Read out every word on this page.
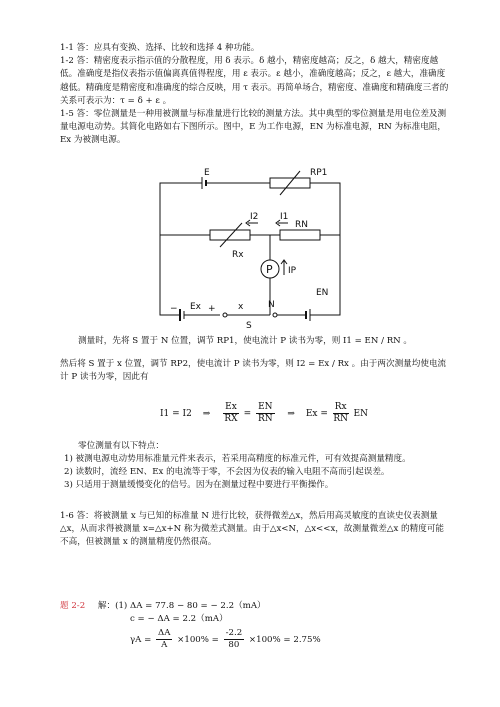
1-1 答：应具有变换、选择、比较和选择 4 种功能。

1-2 答：精密度表示指示值的分散程度，用 δ 表示。δ 越小，精密度越高；反之，δ 越大，精密度越低。准确度是指仪表指示值偏离真值得程度，用 ε 表示。ε 越小，准确度越高；反之，ε 越大，准确度越低。精确度是精密度和准确度的综合反映，用 τ 表示。再简单场合，精密度、准确度和精确度三者的关系可表示为：τ = δ + ε 。

1-5 答：零位测量是一种用被测量与标准量进行比较的测量方法。其中典型的零位测量是用电位差及测量电源电动势。其简化电路如右下图所示。图中，E 为工作电源，EN 为标准电源，RN 为标准电阻，Ex 为被测电源。

E	RP1
I2 I1
RN
Rx
P IP
EN
Ex	x	N
S
−	+

测量时，先将 S 置于 N 位置，调节 RP1，使电流计 P 读书为零，则 I1 = EN / RN 。

然后将 S 置于 x 位置，调节 RP2，使电流计 P 读书为零，则 I2 = Ex / Rx 。由于两次测量均使电流计 P 读书为零，因此有

I1 = I2 ⇒ $\frac{Ex}{RX} = \frac{EN}{RN}$ ⇒ $Ex = \frac{Rx}{RN}$ EN

零位测量有以下特点：

1) 被测电源电动势用标准量元件来表示，若采用高精度的标准元件，可有效提高测量精度。

2) 读数时，流经 EN、Ex 的电流等于零，不会因为仪表的输入电阻不高而引起误差。

3) 只适用于测量缓慢变化的信号。因为在测量过程中要进行平衡操作。

1-6 答：将被测量 x 与已知的标准量 N 进行比较，获得微差△x，然后用高灵敏度的直读史仪表测量△x，从而求得被测量 x=△x+N 称为微差式测量。由于△x<N，△x<<x，故测量微差△x 的精度可能不高，但被测量 x 的测量精度仍然很高。

题 2-2 解：(1) ΔA = 77.8 − 80 = − 2.2（mA）
c = − ΔA = 2.2（mA）
$\gamma A = \frac{\Delta A}{A} \times 100\% = \frac{-2.2}{80} \times 100\% = 2.75\%$
